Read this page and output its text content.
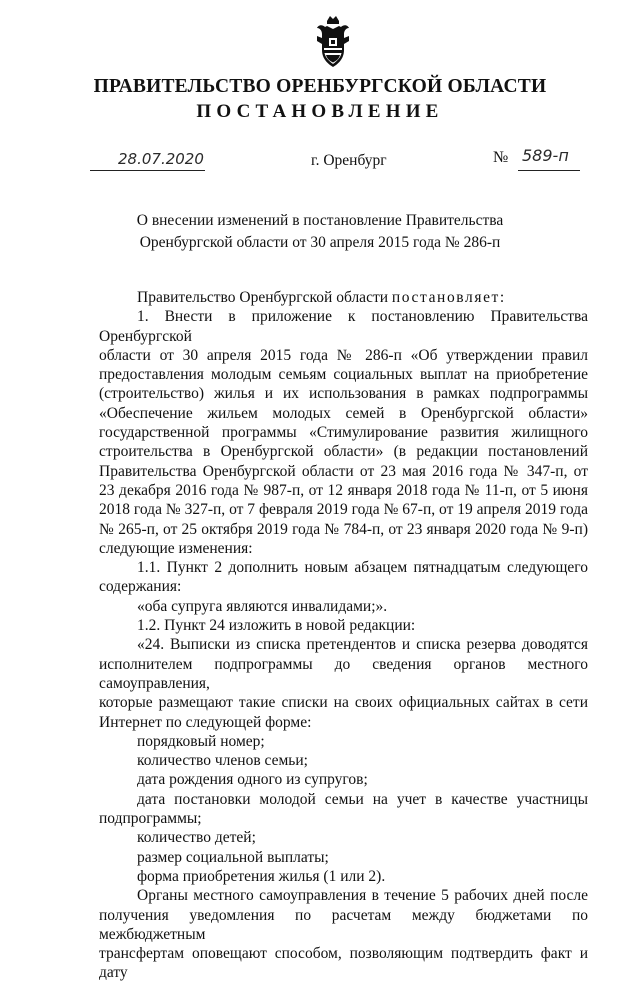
ПРАВИТЕЛЬСТВО ОРЕНБУРГСКОЙ ОБЛАСТИ
ПОСТАНОВЛЕНИЕ
28.07.2020	г. Оренбург	№ 589-п
О внесении изменений в постановление Правительства
Оренбургской области от 30 апреля 2015 года № 286-п

Правительство Оренбургской области постановляет:

1. Внести в приложение к постановлению Правительства Оренбургской

области от 30 апреля 2015 года № 286-п «Об утверждении правил

предоставления молодым семьям социальных выплат на приобретение

(строительство) жилья и их использования в рамках подпрограммы

«Обеспечение жильем молодых семей в Оренбургской области»

государственной программы «Стимулирование развития жилищного

строительства в Оренбургской области» (в редакции постановлений

Правительства Оренбургской области от 23 мая 2016 года № 347-п, от

23 декабря 2016 года № 987-п, от 12 января 2018 года № 11-п, от 5 июня

2018 года № 327-п, от 7 февраля 2019 года № 67-п, от 19 апреля 2019 года

№ 265-п, от 25 октября 2019 года № 784-п, от 23 января 2020 года № 9-п)

следующие изменения:

1.1. Пункт 2 дополнить новым абзацем пятнадцатым следующего

содержания:

«оба супруга являются инвалидами;».

1.2. Пункт 24 изложить в новой редакции:

«24. Выписки из списка претендентов и списка резерва доводятся

исполнителем подпрограммы до сведения органов местного самоуправления,

которые размещают такие списки на своих официальных сайтах в сети

Интернет по следующей форме:

порядковый номер;

количество членов семьи;

дата рождения одного из супругов;

дата постановки молодой семьи на учет в качестве участницы

подпрограммы;

количество детей;

размер социальной выплаты;

форма приобретения жилья (1 или 2).

Органы местного самоуправления в течение 5 рабочих дней после

получения уведомления по расчетам между бюджетами по межбюджетным

трансфертам оповещают способом, позволяющим подтвердить факт и дату
